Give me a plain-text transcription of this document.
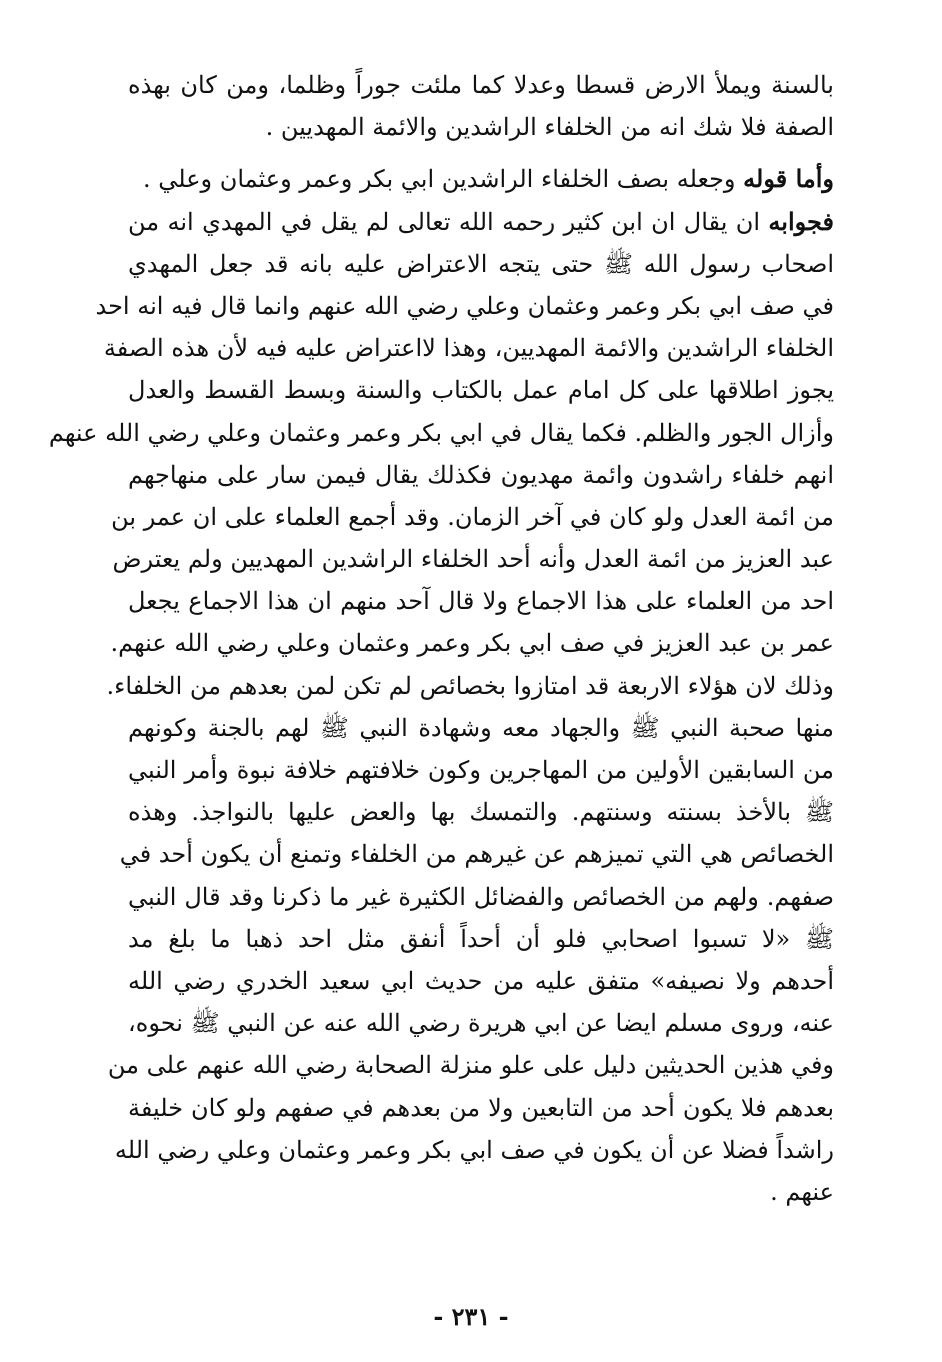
بالسنة ويملأ الارض قسطا وعدلا كما ملئت جوراً وظلما، ومن كان بهذه
الصفة فلا شك انه من الخلفاء الراشدين والائمة المهديين .
وأما قوله وجعله بصف الخلفاء الراشدين ابي بكر وعمر وعثمان وعلي .
فجوابه ان يقال ان ابن كثير رحمه الله تعالى لم يقل في المهدي انه من
اصحاب رسول الله ﷺ حتى يتجه الاعتراض عليه بانه قد جعل المهدي
في صف ابي بكر وعمر وعثمان وعلي رضي الله عنهم وانما قال فيه انه احد
الخلفاء الراشدين والائمة المهديين، وهذا لااعتراض عليه فيه لأن هذه الصفة
يجوز اطلاقها على كل امام عمل بالكتاب والسنة وبسط القسط والعدل
وأزال الجور والظلم. فكما يقال في ابي بكر وعمر وعثمان وعلي رضي الله عنهم
انهم خلفاء راشدون وائمة مهديون فكذلك يقال فيمن سار على منهاجهم
من ائمة العدل ولو كان في آخر الزمان. وقد أجمع العلماء على ان عمر بن
عبد العزيز من ائمة العدل وأنه أحد الخلفاء الراشدين المهديين ولم يعترض
احد من العلماء على هذا الاجماع ولا قال آحد منهم ان هذا الاجماع يجعل
عمر بن عبد العزيز في صف ابي بكر وعمر وعثمان وعلي رضي الله عنهم.
وذلك لان هؤلاء الاربعة قد امتازوا بخصائص لم تكن لمن بعدهم من الخلفاء.
منها صحبة النبي ﷺ والجهاد معه وشهادة النبي ﷺ لهم بالجنة وكونهم
من السابقين الأولين من المهاجرين وكون خلافتهم خلافة نبوة وأمر النبي
ﷺ بالأخذ بسنته وسنتهم. والتمسك بها والعض عليها بالنواجذ. وهذه
الخصائص هي التي تميزهم عن غيرهم من الخلفاء وتمنع أن يكون أحد في
صفهم. ولهم من الخصائص والفضائل الكثيرة غير ما ذكرنا وقد قال النبي
ﷺ «لا تسبوا اصحابي فلو أن أحداً أنفق مثل احد ذهبا ما بلغ مد
أحدهم ولا نصيفه» متفق عليه من حديث ابي سعيد الخدري رضي الله
عنه، وروى مسلم ايضا عن ابي هريرة رضي الله عنه عن النبي ﷺ نحوه،
وفي هذين الحديثين دليل على علو منزلة الصحابة رضي الله عنهم على من
بعدهم فلا يكون أحد من التابعين ولا من بعدهم في صفهم ولو كان خليفة
راشداً فضلا عن أن يكون في صف ابي بكر وعمر وعثمان وعلي رضي الله
عنهم .
- ٢٣١ -
